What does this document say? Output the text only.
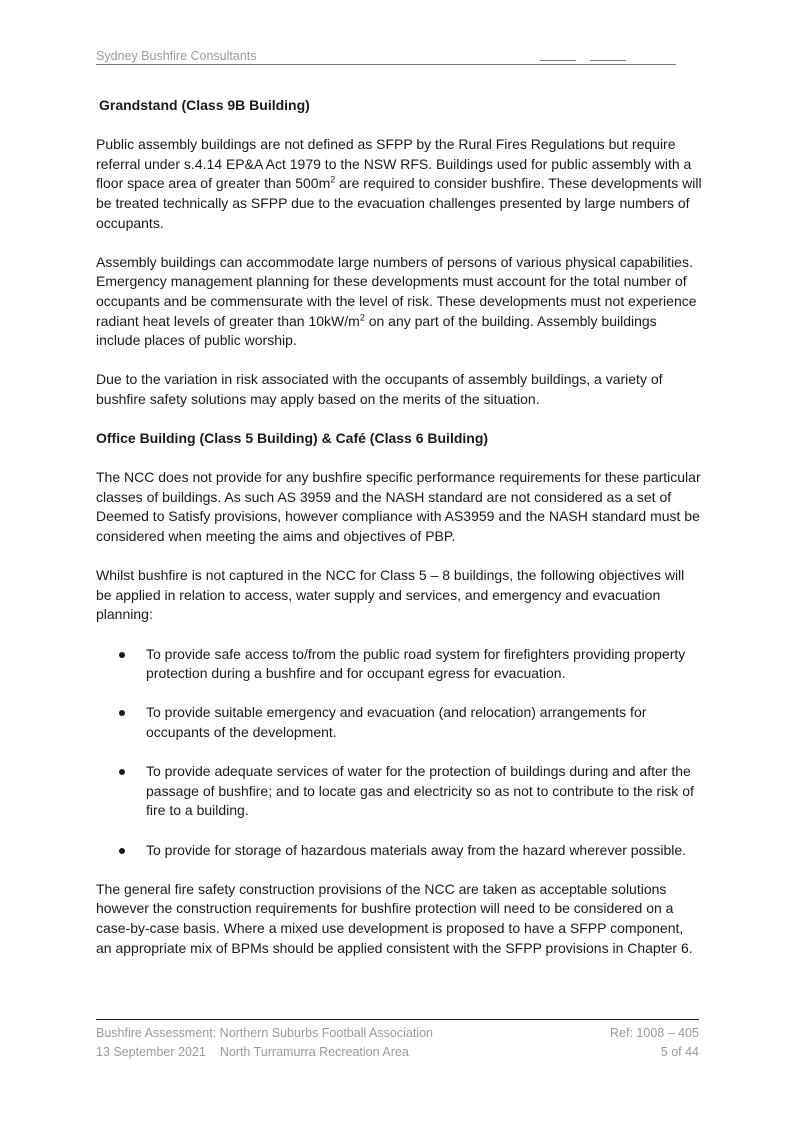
Sydney Bushfire Consultants
Grandstand (Class 9B Building)

Public assembly buildings are not defined as SFPP by the Rural Fires Regulations but require referral under s.4.14 EP&A Act 1979 to the NSW RFS. Buildings used for public assembly with a floor space area of greater than $500m^2$ are required to consider bushfire. These developments will be treated technically as SFPP due to the evacuation challenges presented by large numbers of occupants.

Assembly buildings can accommodate large numbers of persons of various physical capabilities. Emergency management planning for these developments must account for the total number of occupants and be commensurate with the level of risk. These developments must not experience radiant heat levels of greater than $10kW/m^2$ on any part of the building. Assembly buildings include places of public worship.

Due to the variation in risk associated with the occupants of assembly buildings, a variety of bushfire safety solutions may apply based on the merits of the situation.

Office Building (Class 5 Building) & Café (Class 6 Building)

The NCC does not provide for any bushfire specific performance requirements for these particular classes of buildings. As such AS 3959 and the NASH standard are not considered as a set of Deemed to Satisfy provisions, however compliance with AS3959 and the NASH standard must be considered when meeting the aims and objectives of PBP.

Whilst bushfire is not captured in the NCC for Class 5 – 8 buildings, the following objectives will be applied in relation to access, water supply and services, and emergency and evacuation planning:

To provide safe access to/from the public road system for firefighters providing property protection during a bushfire and for occupant egress for evacuation.
To provide suitable emergency and evacuation (and relocation) arrangements for occupants of the development.
To provide adequate services of water for the protection of buildings during and after the passage of bushfire; and to locate gas and electricity so as not to contribute to the risk of fire to a building.
To provide for storage of hazardous materials away from the hazard wherever possible.

The general fire safety construction provisions of the NCC are taken as acceptable solutions however the construction requirements for bushfire protection will need to be considered on a case-by-case basis. Where a mixed use development is proposed to have a SFPP component, an appropriate mix of BPMs should be applied consistent with the SFPP provisions in Chapter 6.

Bushfire Assessment: Northern Suburbs Football Association	Ref: 1008 – 405
13 September 2021 North Turramurra Recreation Area	5 of 44
